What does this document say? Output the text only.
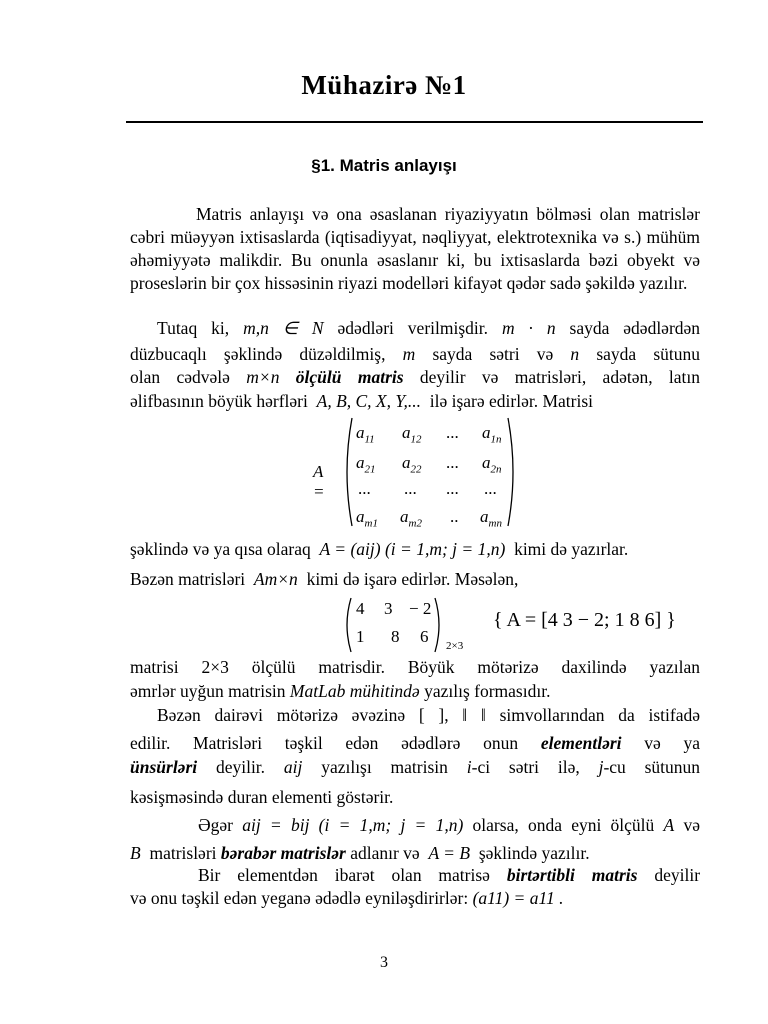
Mühazirə №1
§1. Matris anlayışı
Matris anlayışı və ona əsaslanan riyaziyyatın bölməsi olan matrislər cəbri müəyyən ixtisaslarda (iqtisadiyyat, nəqliyyat, elektrotexnika və s.) mühüm əhəmiyyətə malikdir. Bu onunla əsaslanır ki, bu ixtisaslarda bəzi obyekt və proseslərin bir çox hissəsinin riyazi modelləri kifayət qədər sadə şəkildə yazılır.
Tutaq ki, m,n ∈ N ədədləri verilmişdir. m · n sayda ədədlərdən
düzbucaqlı şəklində düzəldilmiş, m sayda sətri və n sayda sütunu
olan cədvələ m×n ölçülü matris deyilir və matrisləri, adətən, latın
əlifbasının böyük hərfləri A, B, C, X, Y,... ilə işarə edirlər. Matrisi
A =
$a_{11}$ $a_{12}$ ... $a_{1n}$
$a_{21}$ $a_{22}$ ... $a_{2n}$
... ... ... ...
$a_{m1}$ $a_{m2}$ .. $a_{mn}$
şəklində və ya qısa olaraq A = (aij) (i = 1,m; j = 1,n) kimi də yazırlar.
Bəzən matrisləri Am×n kimi də işarə edirlər. Məsələn,
4 3 − 2
1 8 6 2×3
{ A = [4 3 − 2; 1 8 6] }
matrisi 2×3 ölçülü matrisdir. Böyük mötərizə daxilində yazılan
əmrlər uyğun matrisin MatLab mühitində yazılış formasıdır.
Bəzən dairəvi mötərizə əvəzinə [ ], ‖ ‖ simvollarından da istifadə
edilir. Matrisləri təşkil edən ədədlərə onun elementləri və ya
ünsürləri deyilir. aij yazılışı matrisin i-ci sətri ilə, j-cu sütunun
kəsişməsində duran elementi göstərir.
Əgər aij = bij (i = 1,m; j = 1,n) olarsa, onda eyni ölçülü A və
B matrisləri bərabər matrislər adlanır və A = B şəklində yazılır.
Bir elementdən ibarət olan matrisə birtərtibli matris deyilir
və onu təşkil edən yeganə ədədlə eyniləşdirirlər: (a11) = a11 .
3
